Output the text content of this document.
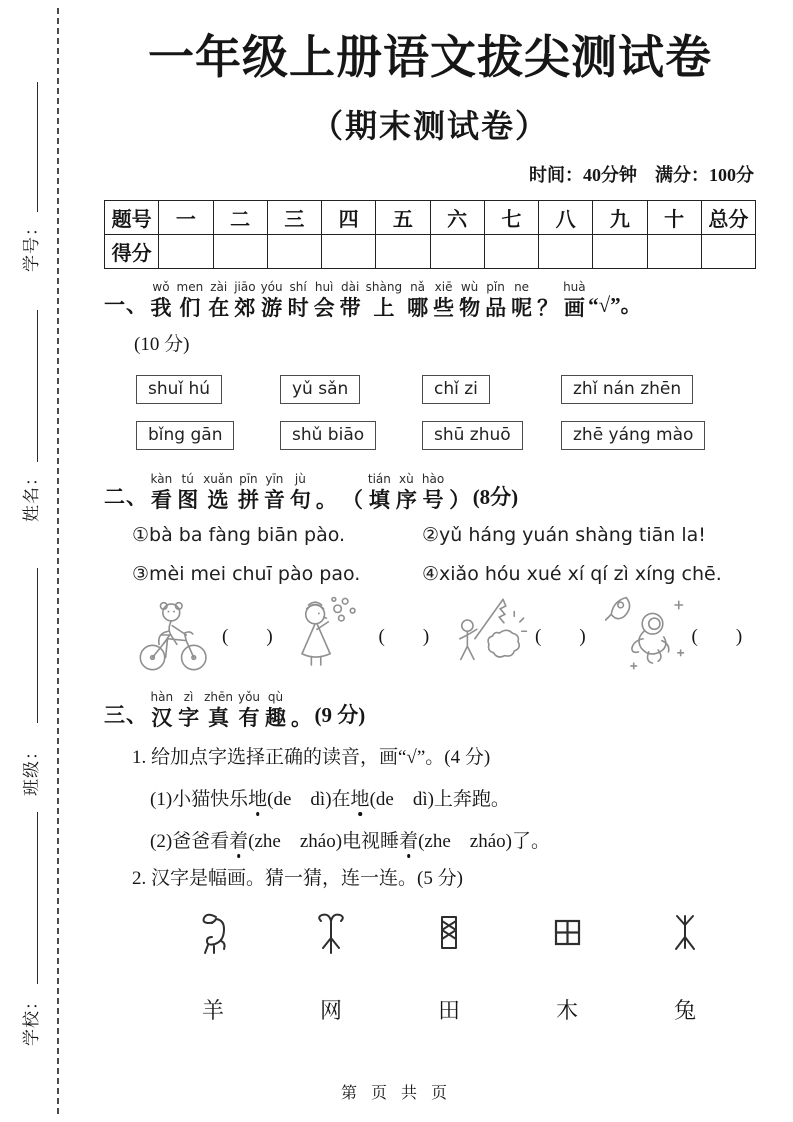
学号：
姓名：
班级：
学校：
一年级上册语文拔尖测试卷
（期末测试卷）
时间：40分钟　满分：100分
题号	一	二	三	四	五	六	七	八	九	十	总分
得分											
一、
wǒ
我
men
们
zài
在
jiāo
郊
yóu
游
shí
时
huì
会
dài
带
shàng
上
nǎ
哪
xiē
些
wù
物
pǐn
品
ne
呢
？
huà
画 “√”。
(10 分)
shuǐ hú	yǔ sǎn	chǐ zi	zhǐ nán zhēn
bǐng gān	shǔ biāo	shū zhuō	zhē yáng mào
二、
kàn
看
tú
图
xuǎn
选
pīn
拼
yīn
音
jù
句
。
（
tián
填
xù
序
hào
号
） (8分)
①bà ba fàng biān pào.	②yǔ háng yuán shàng tiān la!
③mèi mei chuī pào pao.	④xiǎo hóu xué xí qí zì xíng chē.
(　　)	(　　)	(　　)	(　　)
三、
hàn
汉
zì
字
zhēn
真
yǒu
有
qù
趣
。 (9 分)
1. 给加点字选择正确的读音，画“√”。(4 分)
(1)小猫快乐地(de　dì)在地(de　dì)上奔跑。
(2)爸爸看着(zhe　zháo)电视睡着(zhe　zháo)了。
2. 汉字是幅画。猜一猜，连一连。(5 分)
羊	网	田	木	兔
第 页 共 页
